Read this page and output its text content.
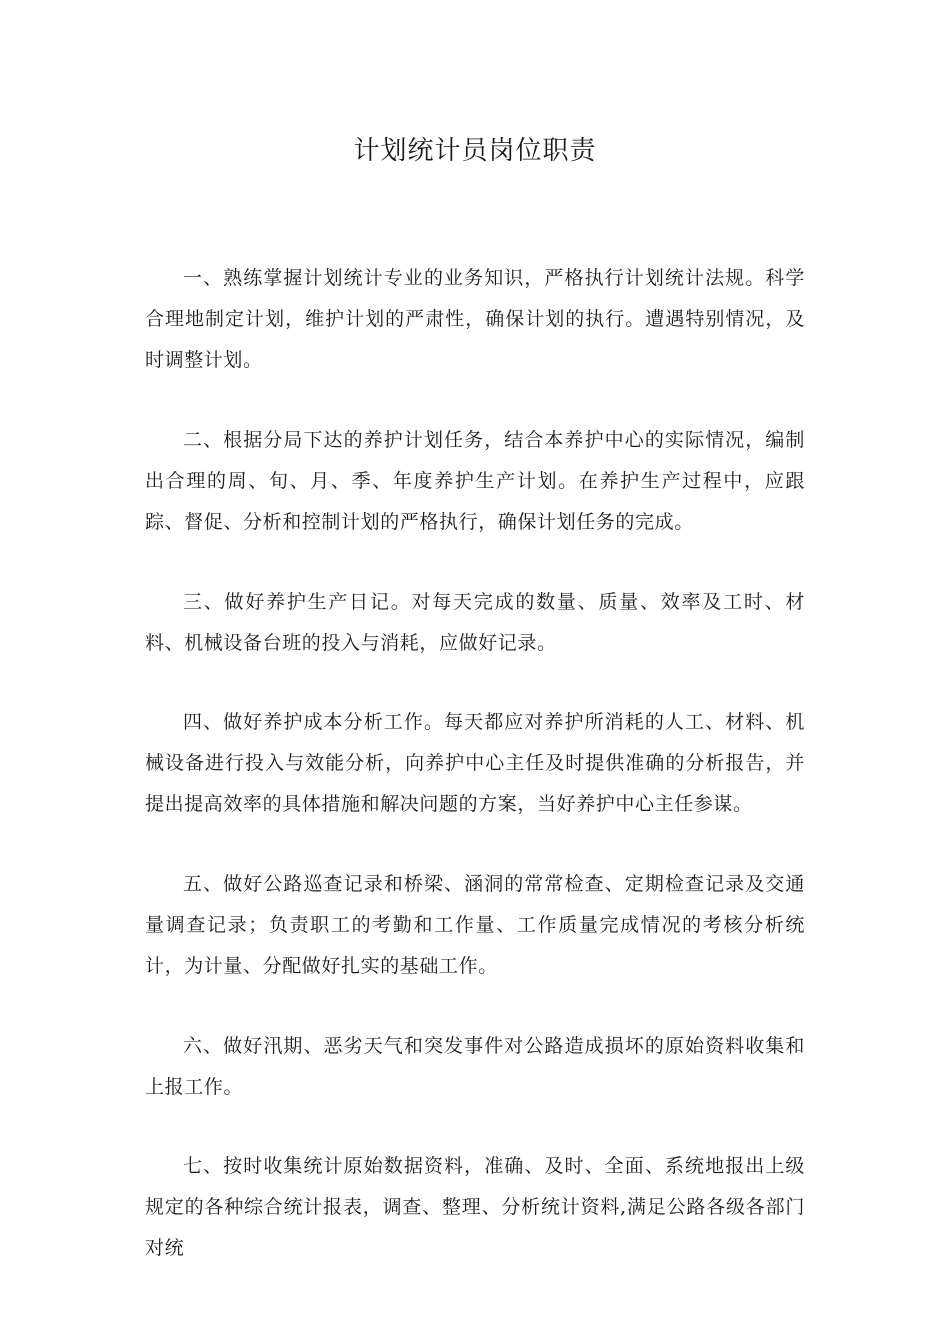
计划统计员岗位职责

一、熟练掌握计划统计专业的业务知识，严格执行计划统计法规。科学合理地制定计划，维护计划的严肃性，确保计划的执行。遭遇特别情况，及时调整计划。

二、根据分局下达的养护计划任务，结合本养护中心的实际情况，编制出合理的周、旬、月、季、年度养护生产计划。在养护生产过程中，应跟踪、督促、分析和控制计划的严格执行，确保计划任务的完成。

三、做好养护生产日记。对每天完成的数量、质量、效率及工时、材料、机械设备台班的投入与消耗，应做好记录。

四、做好养护成本分析工作。每天都应对养护所消耗的人工、材料、机械设备进行投入与效能分析，向养护中心主任及时提供准确的分析报告，并提出提高效率的具体措施和解决问题的方案，当好养护中心主任参谋。

五、做好公路巡查记录和桥梁、涵洞的常常检查、定期检查记录及交通量调查记录；负责职工的考勤和工作量、工作质量完成情况的考核分析统计，为计量、分配做好扎实的基础工作。

六、做好汛期、恶劣天气和突发事件对公路造成损坏的原始资料收集和上报工作。

七、按时收集统计原始数据资料，准确、及时、全面、系统地报出上级规定的各种综合统计报表，调查、整理、分析统计资料,满足公路各级各部门对统
